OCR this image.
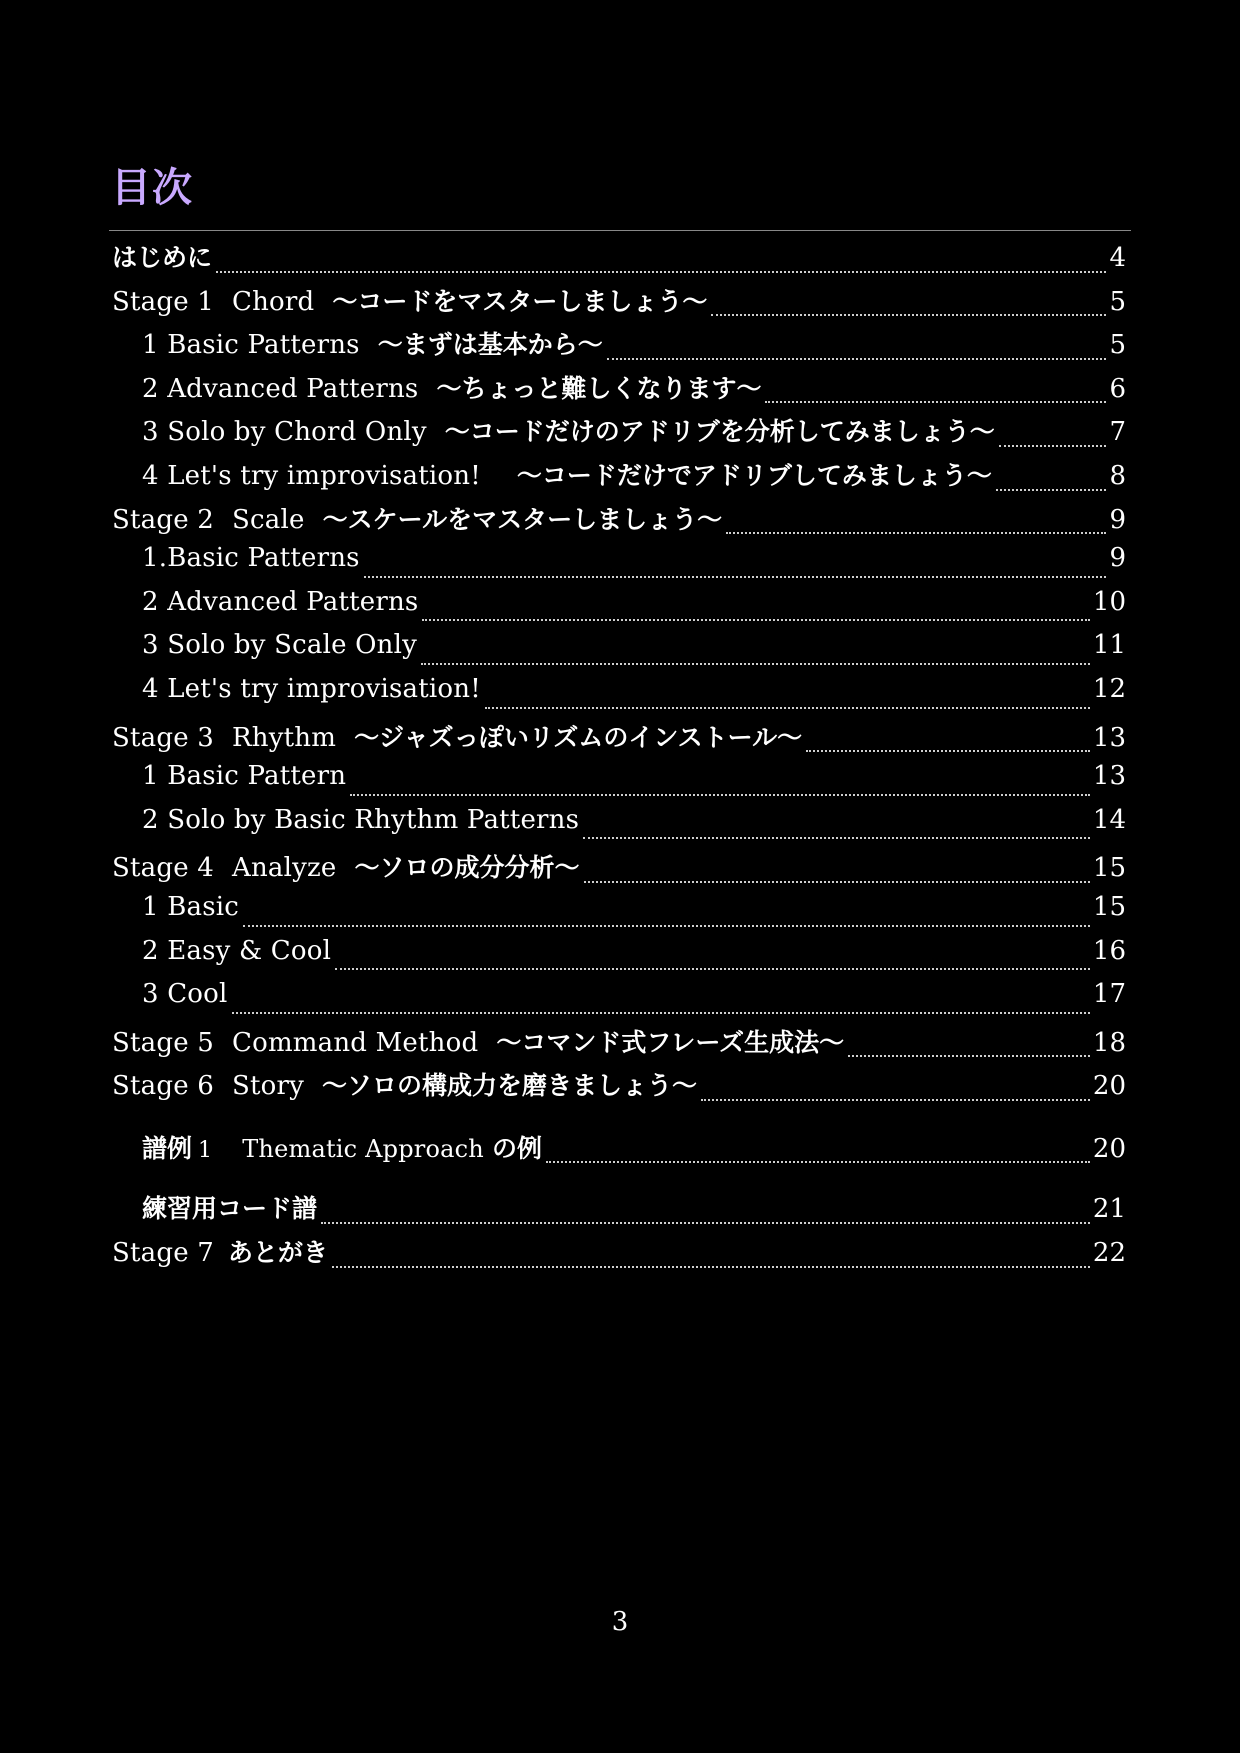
目次
はじめに	4
Stage 1 Chord 〜コードをマスターしましょう〜	5
1 Basic Patterns 〜まずは基本から〜	5
2 Advanced Patterns 〜ちょっと難しくなります〜	6
3 Solo by Chord Only 〜コードだけのアドリブを分析してみましょう〜	7
4 Let's try improvisation! 〜コードだけでアドリブしてみましょう〜	8
Stage 2 Scale 〜スケールをマスターしましょう〜	9
1.Basic Patterns	9
2 Advanced Patterns	10
3 Solo by Scale Only	11
4 Let's try improvisation!	12
Stage 3 Rhythm 〜ジャズっぽいリズムのインストール〜	13
1 Basic Pattern	13
2 Solo by Basic Rhythm Patterns	14
Stage 4 Analyze 〜ソロの成分分析〜	15
1 Basic	15
2 Easy & Cool	16
3 Cool	17
Stage 5 Command Method 〜コマンド式フレーズ生成法〜	18
Stage 6 Story 〜ソロの構成力を磨きましょう〜	20
譜例 1 Thematic Approach の例	20
練習用コード譜	21
Stage 7 あとがき	22
3
